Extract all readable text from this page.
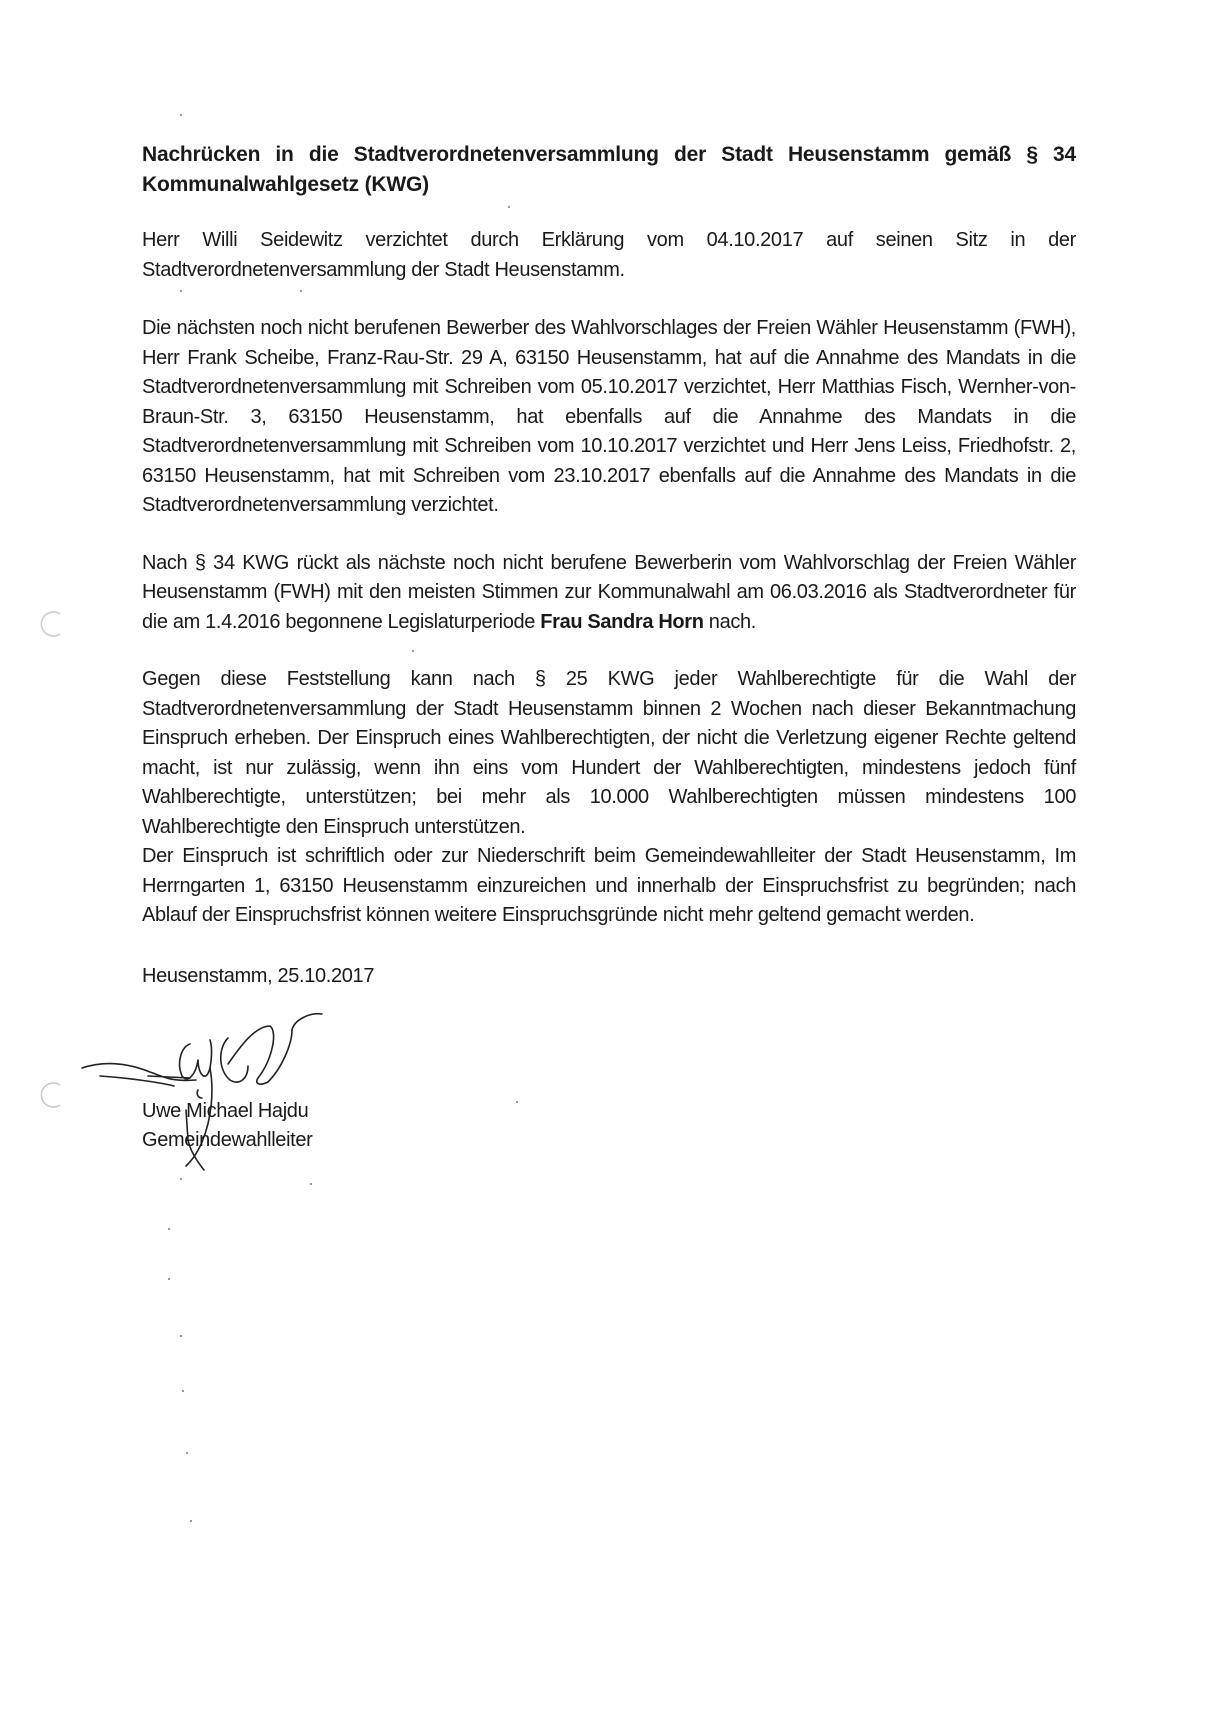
Nachrücken in die Stadtverordnetenversammlung der Stadt Heusenstamm gemäß § 34 Kommunalwahlgesetz (KWG)

Herr Willi Seidewitz verzichtet durch Erklärung vom 04.10.2017 auf seinen Sitz in der Stadtverordnetenversammlung der Stadt Heusenstamm.

Die nächsten noch nicht berufenen Bewerber des Wahlvorschlages der Freien Wähler Heusenstamm (FWH), Herr Frank Scheibe, Franz-Rau-Str. 29 A, 63150 Heusenstamm, hat auf die Annahme des Mandats in die Stadtverordnetenversammlung mit Schreiben vom 05.10.2017 verzichtet, Herr Matthias Fisch, Wernher-von-Braun-Str. 3, 63150 Heusenstamm, hat ebenfalls auf die Annahme des Mandats in die Stadtverordnetenversammlung mit Schreiben vom 10.10.2017 verzichtet und Herr Jens Leiss, Friedhofstr. 2, 63150 Heusenstamm, hat mit Schreiben vom 23.10.2017 ebenfalls auf die Annahme des Mandats in die Stadtverordnetenversammlung verzichtet.

Nach § 34 KWG rückt als nächste noch nicht berufene Bewerberin vom Wahlvorschlag der Freien Wähler Heusenstamm (FWH) mit den meisten Stimmen zur Kommunalwahl am 06.03.2016 als Stadtverordneter für die am 1.4.2016 begonnene Legislaturperiode Frau Sandra Horn nach.

Gegen diese Feststellung kann nach § 25 KWG jeder Wahlberechtigte für die Wahl der Stadtverordnetenversammlung der Stadt Heusenstamm binnen 2 Wochen nach dieser Bekanntmachung Einspruch erheben. Der Einspruch eines Wahlberechtigten, der nicht die Verletzung eigener Rechte geltend macht, ist nur zulässig, wenn ihn eins vom Hundert der Wahlberechtigten, mindestens jedoch fünf Wahlberechtigte, unterstützen; bei mehr als 10.000 Wahlberechtigten müssen mindestens 100 Wahlberechtigte den Einspruch unterstützen.

Der Einspruch ist schriftlich oder zur Niederschrift beim Gemeindewahlleiter der Stadt Heusenstamm, Im Herrngarten 1, 63150 Heusenstamm einzureichen und innerhalb der Einspruchsfrist zu begründen; nach Ablauf der Einspruchsfrist können weitere Einspruchsgründe nicht mehr geltend gemacht werden.

Heusenstamm, 25.10.2017

Uwe Michael Hajdu
Gemeindewahlleiter
